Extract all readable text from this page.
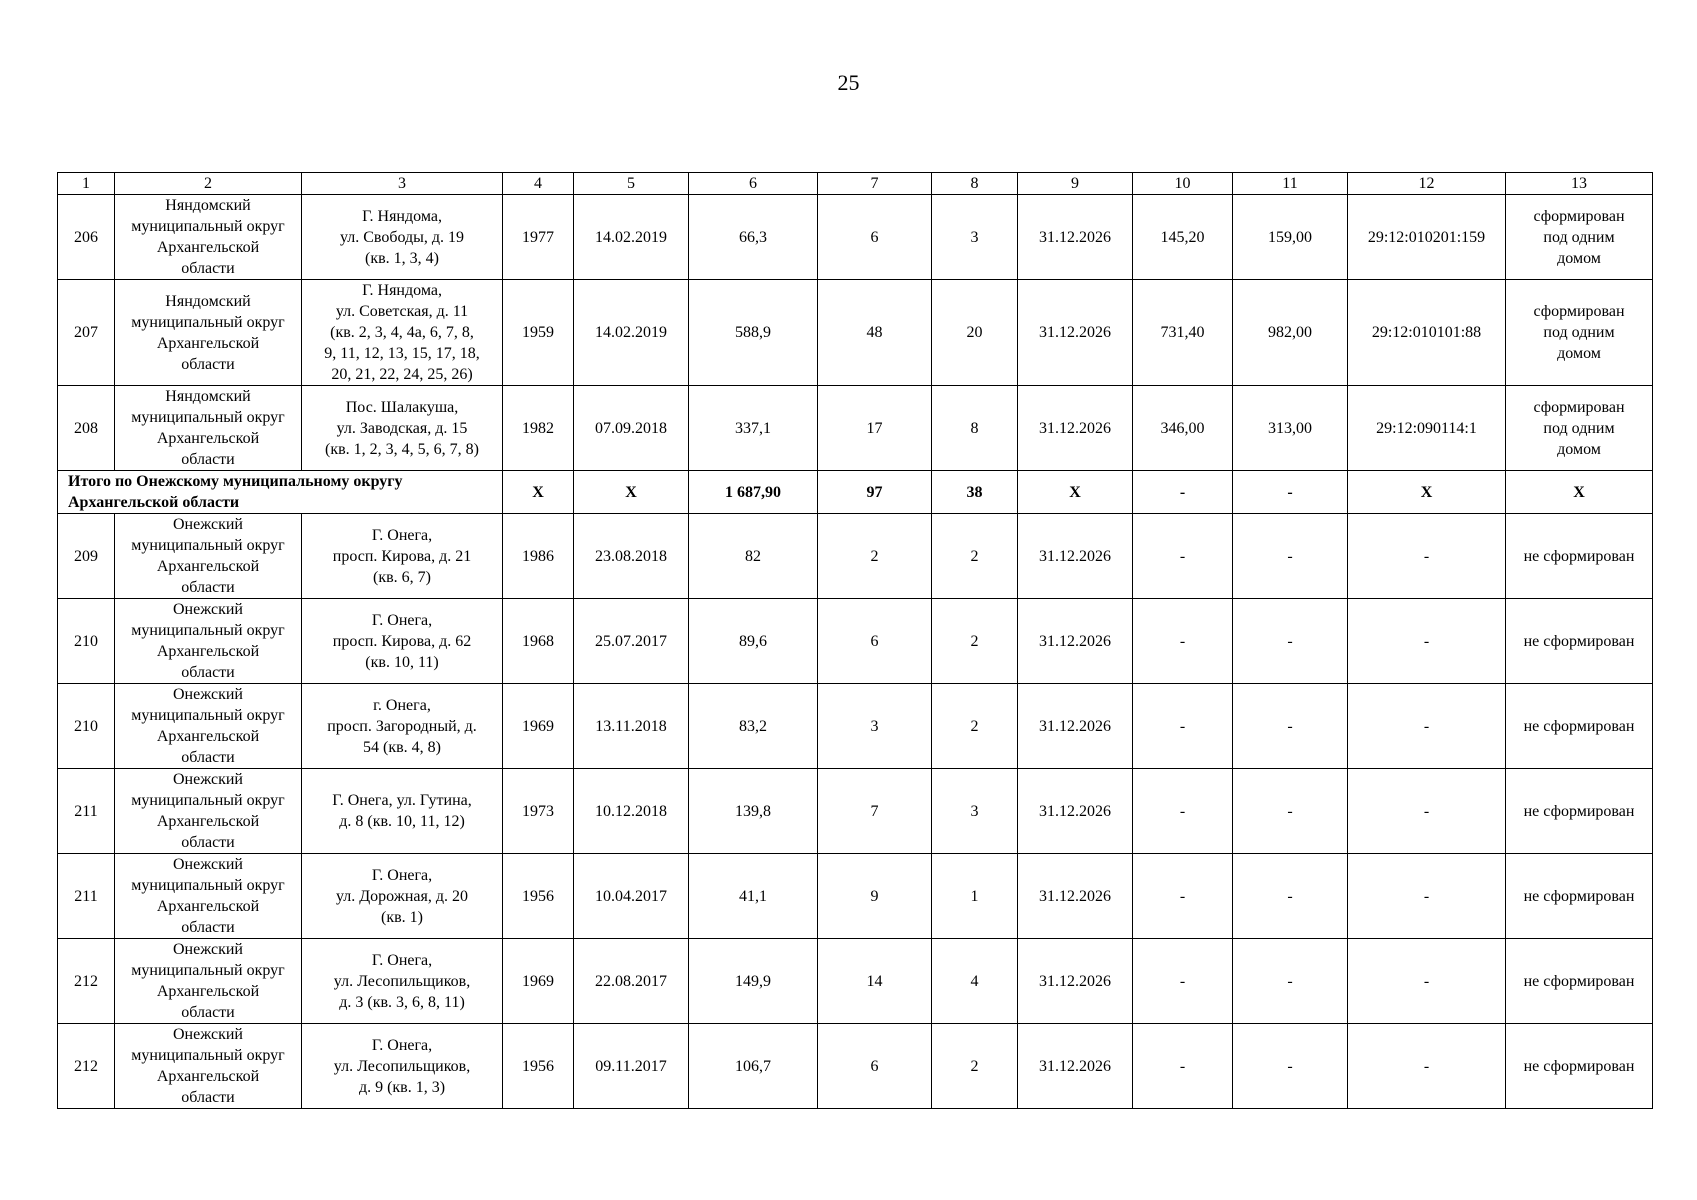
25
1	2	3	4	5	6	7	8	9	10	11	12	13
206	Няндомский
муниципальный округ
Архангельской
области	Г. Няндома,
ул. Свободы, д. 19
(кв. 1, 3, 4)	1977	14.02.2019	66,3	6	3	31.12.2026	145,20	159,00	29:12:010201:159	сформирован
под одним
домом
207	Няндомский
муниципальный округ
Архангельской
области	Г. Няндома,
ул. Советская, д. 11
(кв. 2, 3, 4, 4а, 6, 7, 8,
9, 11, 12, 13, 15, 17, 18,
20, 21, 22, 24, 25, 26)	1959	14.02.2019	588,9	48	20	31.12.2026	731,40	982,00	29:12:010101:88	сформирован
под одним
домом
208	Няндомский
муниципальный округ
Архангельской
области	Пос. Шалакуша,
ул. Заводская, д. 15
(кв. 1, 2, 3, 4, 5, 6, 7, 8)	1982	07.09.2018	337,1	17	8	31.12.2026	346,00	313,00	29:12:090114:1	сформирован
под одним
домом
Итого по Онежскому муниципальному округу
Архангельской области			X	X	1 687,90	97	38	X	-	-	X	X
209	Онежский
муниципальный округ
Архангельской
области	Г. Онега,
просп. Кирова, д. 21
(кв. 6, 7)	1986	23.08.2018	82	2	2	31.12.2026	-	-	-	не сформирован
210	Онежский
муниципальный округ
Архангельской
области	Г. Онега,
просп. Кирова, д. 62
(кв. 10, 11)	1968	25.07.2017	89,6	6	2	31.12.2026	-	-	-	не сформирован
210	Онежский
муниципальный округ
Архангельской
области	г. Онега,
просп. Загородный, д.
54 (кв. 4, 8)	1969	13.11.2018	83,2	3	2	31.12.2026	-	-	-	не сформирован
211	Онежский
муниципальный округ
Архангельской
области	Г. Онега, ул. Гутина,
д. 8 (кв. 10, 11, 12)	1973	10.12.2018	139,8	7	3	31.12.2026	-	-	-	не сформирован
211	Онежский
муниципальный округ
Архангельской
области	Г. Онега,
ул. Дорожная, д. 20
(кв. 1)	1956	10.04.2017	41,1	9	1	31.12.2026	-	-	-	не сформирован
212	Онежский
муниципальный округ
Архангельской
области	Г. Онега,
ул. Лесопильщиков,
д. 3 (кв. 3, 6, 8, 11)	1969	22.08.2017	149,9	14	4	31.12.2026	-	-	-	не сформирован
212	Онежский
муниципальный округ
Архангельской
области	Г. Онега,
ул. Лесопильщиков,
д. 9 (кв. 1, 3)	1956	09.11.2017	106,7	6	2	31.12.2026	-	-	-	не сформирован
